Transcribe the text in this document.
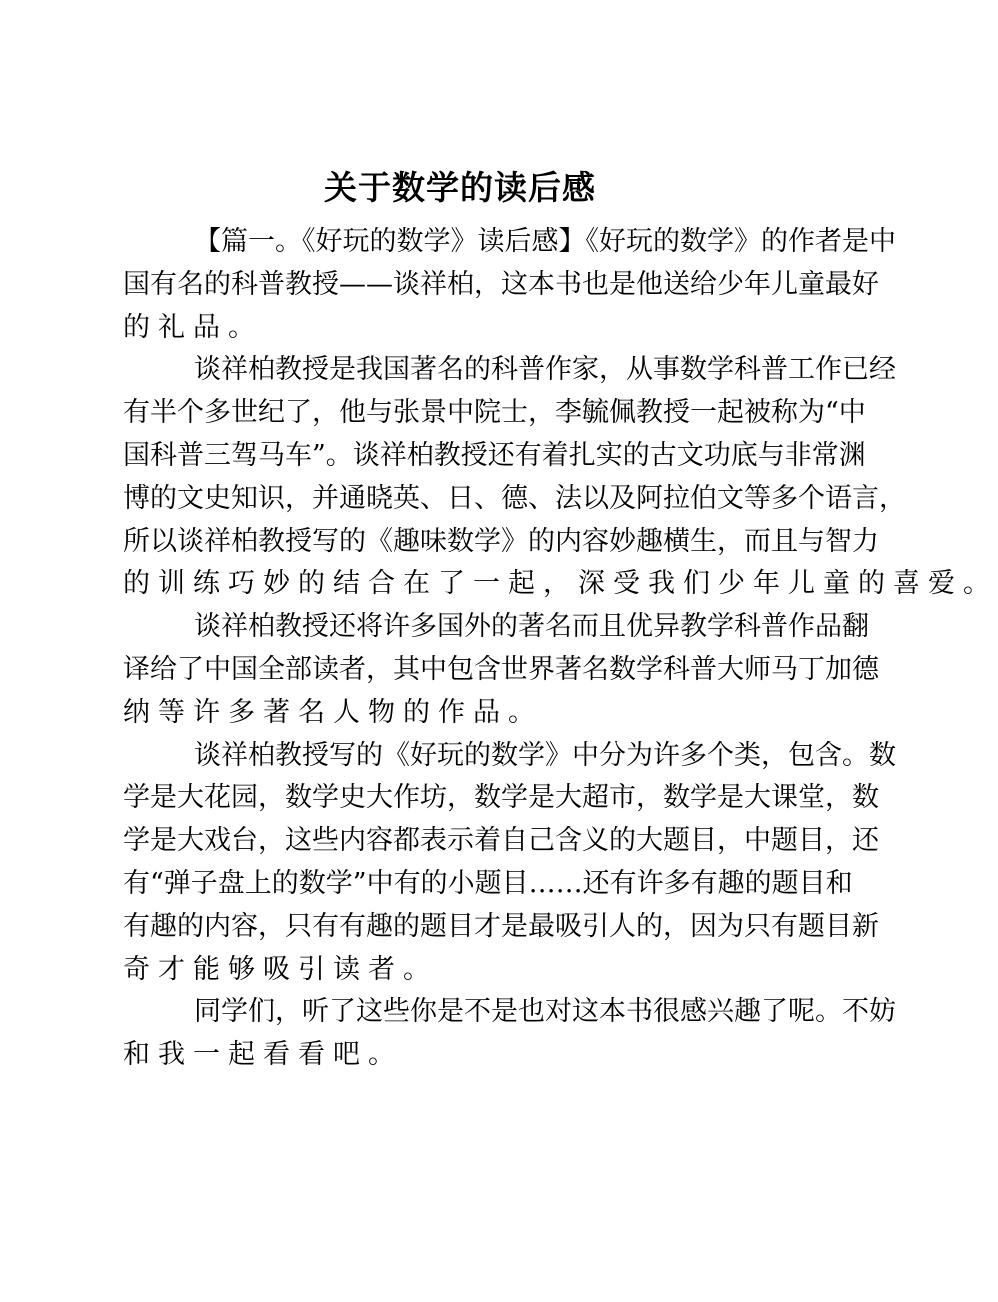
关于数学的读后感
【篇一。《好玩的数学》读后感】《好玩的数学》的作者是中
国有名的科普教授——谈祥柏，这本书也是他送给少年儿童最好
的礼品。
谈祥柏教授是我国著名的科普作家，从事数学科普工作已经
有半个多世纪了，他与张景中院士，李毓佩教授一起被称为“中
国科普三驾马车”。谈祥柏教授还有着扎实的古文功底与非常渊
博的文史知识，并通晓英、日、德、法以及阿拉伯文等多个语言，
所以谈祥柏教授写的《趣味数学》的内容妙趣横生，而且与智力
的训练巧妙的结合在了一起，深受我们少年儿童的喜爱。
谈祥柏教授还将许多国外的著名而且优异教学科普作品翻
译给了中国全部读者，其中包含世界著名数学科普大师马丁加德
纳等许多著名人物的作品。
谈祥柏教授写的《好玩的数学》中分为许多个类，包含。数
学是大花园，数学史大作坊，数学是大超市，数学是大课堂，数
学是大戏台，这些内容都表示着自己含义的大题目，中题目，还
有“弹子盘上的数学”中有的小题目……还有许多有趣的题目和
有趣的内容，只有有趣的题目才是最吸引人的，因为只有题目新
奇才能够吸引读者。
同学们，听了这些你是不是也对这本书很感兴趣了呢。不妨
和我一起看看吧。
